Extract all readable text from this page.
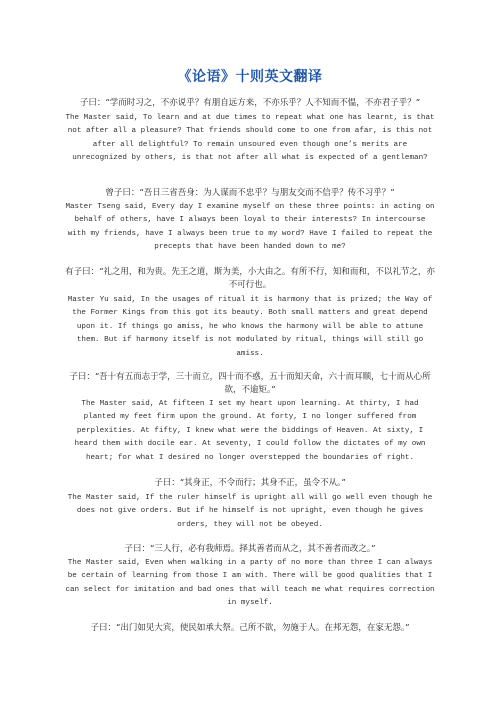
《论语》十则英文翻译
子曰：“学而时习之，不亦说乎？有朋自远方来，不亦乐乎？人不知而不愠，不亦君子乎？”
The Master said, To learn and at due times to repeat what one has learnt, is that not after all a pleasure? That friends should come to one from afar, is this not after all delightful? To remain unsoured even though one’s merits are unrecognized by others, is that not after all what is expected of a gentleman?
曾子曰：“吾日三省吾身：为人谋而不忠乎？与朋友交而不信乎？传不习乎？”
Master Tseng said, Every day I examine myself on these three points: in acting on behalf of others, have I always been loyal to their interests? In intercourse with my friends, have I always been true to my word? Have I failed to repeat the precepts that have been handed down to me?
有子曰：“礼之用，和为贵。先王之道，斯为美，小大由之。有所不行，知和而和，不以礼节之，亦不可行也。
Master Yu said, In the usages of ritual it is harmony that is prized; the Way of the Former Kings from this got its beauty. Both small matters and great depend upon it. If things go amiss, he who knows the harmony will be able to attune them. But if harmony itself is not modulated by ritual, things will still go amiss.
子曰：“吾十有五而志于学，三十而立，四十而不惑，五十而知天命，六十而耳顺，七十而从心所欲，不逾矩。”
The Master said, At fifteen I set my heart upon learning. At thirty, I had planted my feet firm upon the ground. At forty, I no longer suffered from perplexities. At fifty, I knew what were the biddings of Heaven. At sixty, I heard them with docile ear. At seventy, I could follow the dictates of my own heart; for what I desired no longer overstepped the boundaries of right.
子曰：“其身正，不令而行；其身不正，虽令不从。”
The Master said, If the ruler himself is upright all will go well even though he does not give orders. But if he himself is not upright, even though he gives orders, they will not be obeyed.
子曰：“三人行，必有我师焉。择其善者而从之，其不善者而改之。”
The Master said, Even when walking in a party of no more than three I can always be certain of learning from those I am with. There will be good qualities that I can select for imitation and bad ones that will teach me what requires correction in myself.
子曰：“出门如见大宾，使民如承大祭。己所不欲，勿施于人。在邦无怨，在家无怨。”
